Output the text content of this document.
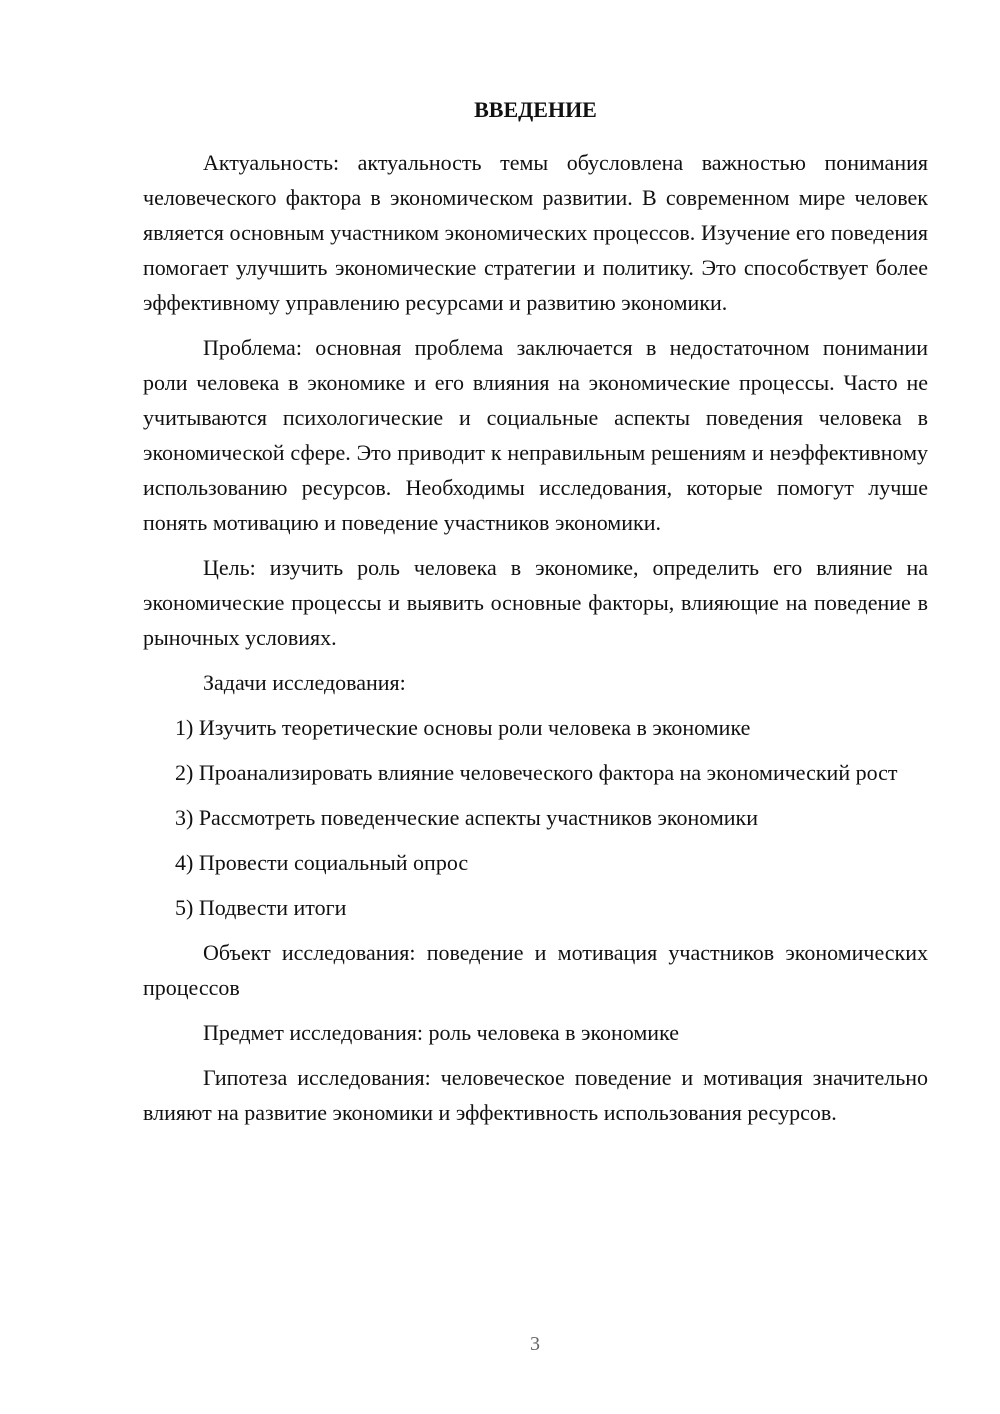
ВВЕДЕНИЕ

Актуальность: актуальность темы обусловлена важностью понимания человеческого фактора в экономическом развитии. В современном мире человек является основным участником экономических процессов. Изучение его поведения помогает улучшить экономические стратегии и политику. Это способствует более эффективному управлению ресурсами и развитию экономики.

Проблема: основная проблема заключается в недостаточном понимании роли человека в экономике и его влияния на экономические процессы. Часто не учитываются психологические и социальные аспекты поведения человека в экономической сфере. Это приводит к неправильным решениям и неэффективному использованию ресурсов. Необходимы исследования, которые помогут лучше понять мотивацию и поведение участников экономики.

Цель: изучить роль человека в экономике, определить его влияние на экономические процессы и выявить основные факторы, влияющие на поведение в рыночных условиях.

Задачи исследования:

1) Изучить теоретические основы роли человека в экономике

2) Проанализировать влияние человеческого фактора на экономический рост

3) Рассмотреть поведенческие аспекты участников экономики

4) Провести социальный опрос

5) Подвести итоги

Объект исследования: поведение и мотивация участников экономических процессов

Предмет исследования: роль человека в экономике

Гипотеза исследования: человеческое поведение и мотивация значительно влияют на развитие экономики и эффективность использования ресурсов.

3
